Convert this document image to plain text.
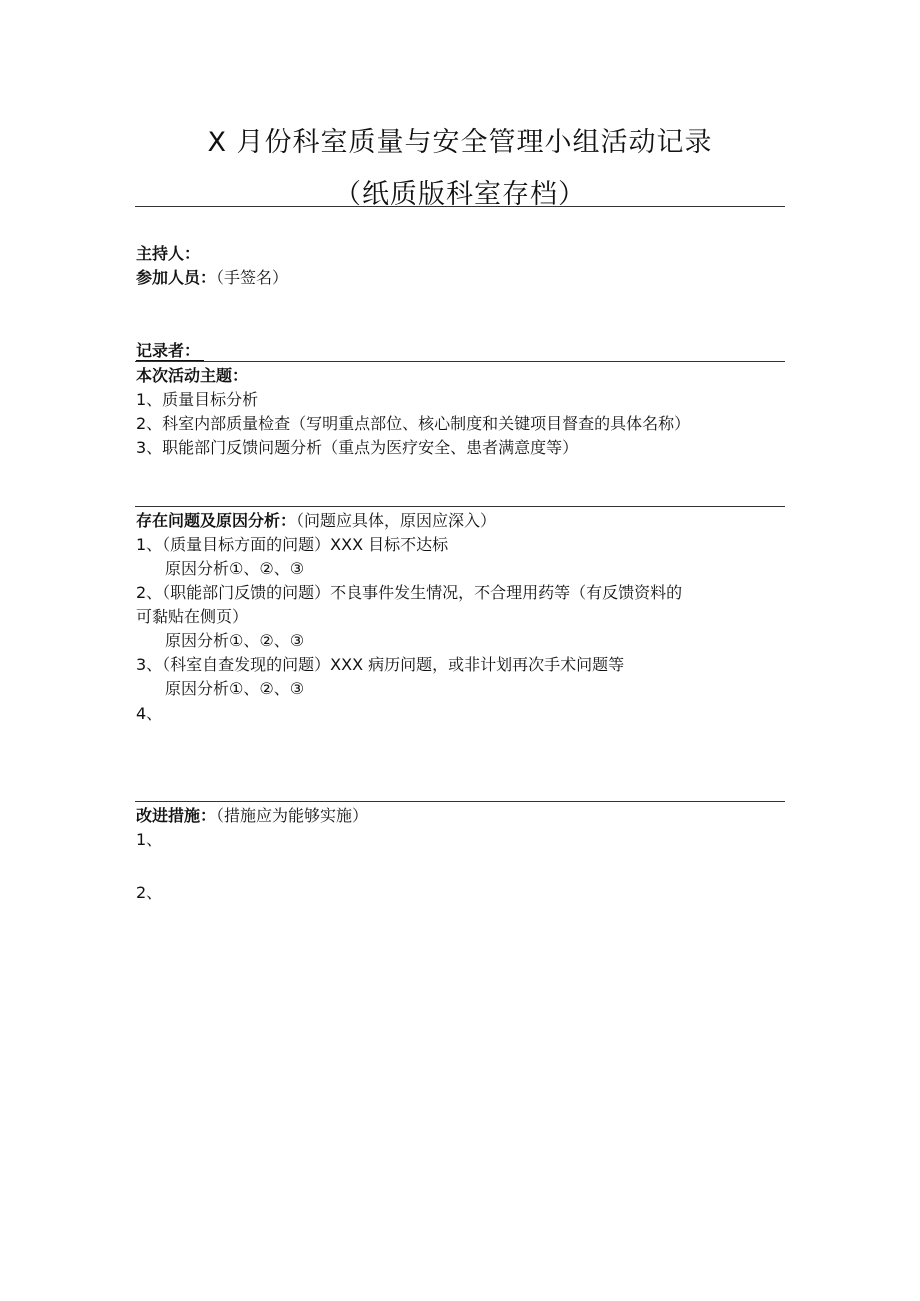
X 月份科室质量与安全管理小组活动记录
（纸质版科室存档）
主持人：
参加人员：（手签名）
记录者：
本次活动主题：
1、质量目标分析
2、科室内部质量检查（写明重点部位、核心制度和关键项目督查的具体名称）
3、职能部门反馈问题分析（重点为医疗安全、患者满意度等）
存在问题及原因分析：（问题应具体，原因应深入）
1、（质量目标方面的问题）XXX 目标不达标
原因分析①、②、③
2、（职能部门反馈的问题）不良事件发生情况，不合理用药等（有反馈资料的
可黏贴在侧页）
原因分析①、②、③
3、（科室自查发现的问题）XXX 病历问题，或非计划再次手术问题等
原因分析①、②、③
4、
改进措施：（措施应为能够实施）
1、
2、
